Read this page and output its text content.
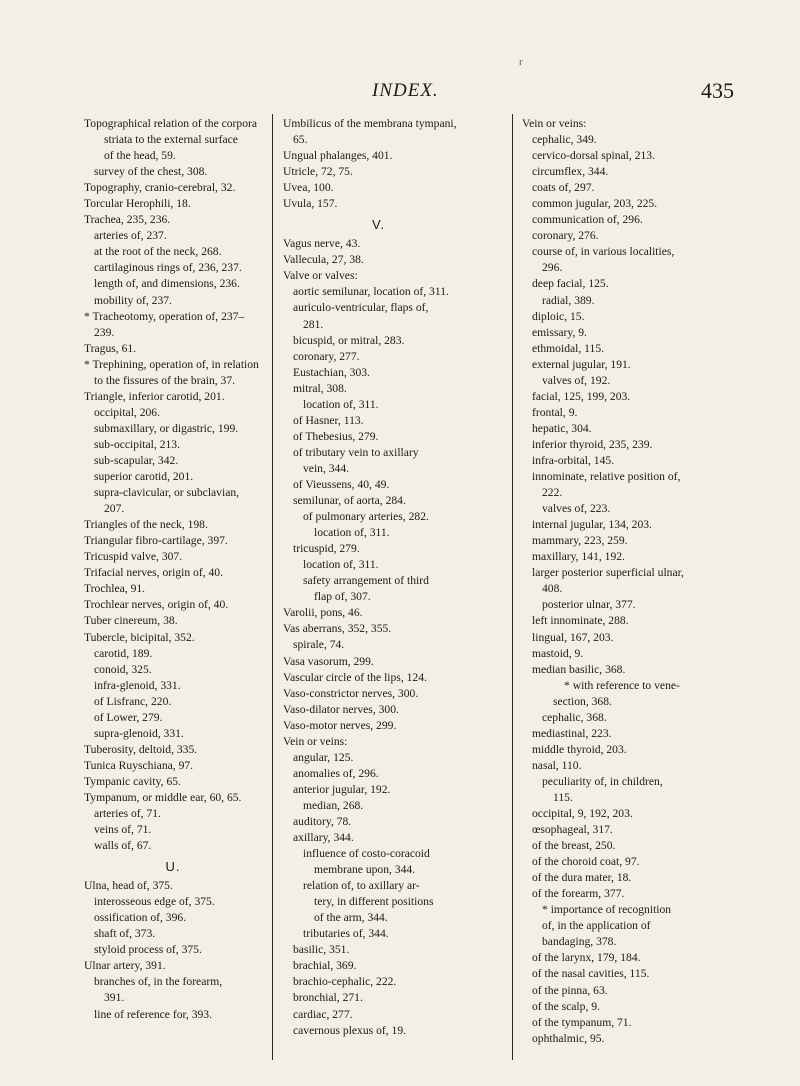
r
INDEX.	435
Topographical relation of the corpora
striata to the external surface
of the head, 59.
survey of the chest, 308.
Topography, cranio-cerebral, 32.
Torcular Herophili, 18.
Trachea, 235, 236.
arteries of, 237.
at the root of the neck, 268.
cartilaginous rings of, 236, 237.
length of, and dimensions, 236.
mobility of, 237.
* Tracheotomy, operation of, 237–
239.
Tragus, 61.
* Trephining, operation of, in relation
to the fissures of the brain, 37.
Triangle, inferior carotid, 201.
occipital, 206.
submaxillary, or digastric, 199.
sub-occipital, 213.
sub-scapular, 342.
superior carotid, 201.
supra-clavicular, or subclavian,
207.
Triangles of the neck, 198.
Triangular fibro-cartilage, 397.
Tricuspid valve, 307.
Trifacial nerves, origin of, 40.
Trochlea, 91.
Trochlear nerves, origin of, 40.
Tuber cinereum, 38.
Tubercle, bicipital, 352.
carotid, 189.
conoid, 325.
infra-glenoid, 331.
of Lisfranc, 220.
of Lower, 279.
supra-glenoid, 331.
Tuberosity, deltoid, 335.
Tunica Ruyschiana, 97.
Tympanic cavity, 65.
Tympanum, or middle ear, 60, 65.
arteries of, 71.
veins of, 71.
walls of, 67.
U.
Ulna, head of, 375.
interosseous edge of, 375.
ossification of, 396.
shaft of, 373.
styloid process of, 375.
Ulnar artery, 391.
branches of, in the forearm,
391.
line of reference for, 393.
Umbilicus of the membrana tympani,
65.
Ungual phalanges, 401.
Utricle, 72, 75.
Uvea, 100.
Uvula, 157.
V.
Vagus nerve, 43.
Vallecula, 27, 38.
Valve or valves:
aortic semilunar, location of, 311.
auriculo-ventricular, flaps of,
281.
bicuspid, or mitral, 283.
coronary, 277.
Eustachian, 303.
mitral, 308.
location of, 311.
of Hasner, 113.
of Thebesius, 279.
of tributary vein to axillary
vein, 344.
of Vieussens, 40, 49.
semilunar, of aorta, 284.
of pulmonary arteries, 282.
location of, 311.
tricuspid, 279.
location of, 311.
safety arrangement of third
flap of, 307.
Varolii, pons, 46.
Vas aberrans, 352, 355.
spirale, 74.
Vasa vasorum, 299.
Vascular circle of the lips, 124.
Vaso-constrictor nerves, 300.
Vaso-dilator nerves, 300.
Vaso-motor nerves, 299.
Vein or veins:
angular, 125.
anomalies of, 296.
anterior jugular, 192.
median, 268.
auditory, 78.
axillary, 344.
influence of costo-coracoid
membrane upon, 344.
relation of, to axillary ar-
tery, in different positions
of the arm, 344.
tributaries of, 344.
basilic, 351.
brachial, 369.
brachio-cephalic, 222.
bronchial, 271.
cardiac, 277.
cavernous plexus of, 19.
Vein or veins:
cephalic, 349.
cervico-dorsal spinal, 213.
circumflex, 344.
coats of, 297.
common jugular, 203, 225.
communication of, 296.
coronary, 276.
course of, in various localities,
296.
deep facial, 125.
radial, 389.
diploic, 15.
emissary, 9.
ethmoidal, 115.
external jugular, 191.
valves of, 192.
facial, 125, 199, 203.
frontal, 9.
hepatic, 304.
inferior thyroid, 235, 239.
infra-orbital, 145.
innominate, relative position of,
222.
valves of, 223.
internal jugular, 134, 203.
mammary, 223, 259.
maxillary, 141, 192.
larger posterior superficial ulnar,
408.
posterior ulnar, 377.
left innominate, 288.
lingual, 167, 203.
mastoid, 9.
median basilic, 368.
* with reference to vene-
section, 368.
cephalic, 368.
mediastinal, 223.
middle thyroid, 203.
nasal, 110.
peculiarity of, in children,
115.
occipital, 9, 192, 203.
œsophageal, 317.
of the breast, 250.
of the choroid coat, 97.
of the dura mater, 18.
of the forearm, 377.
* importance of recognition
of, in the application of
bandaging, 378.
of the larynx, 179, 184.
of the nasal cavities, 115.
of the pinna, 63.
of the scalp, 9.
of the tympanum, 71.
ophthalmic, 95.
